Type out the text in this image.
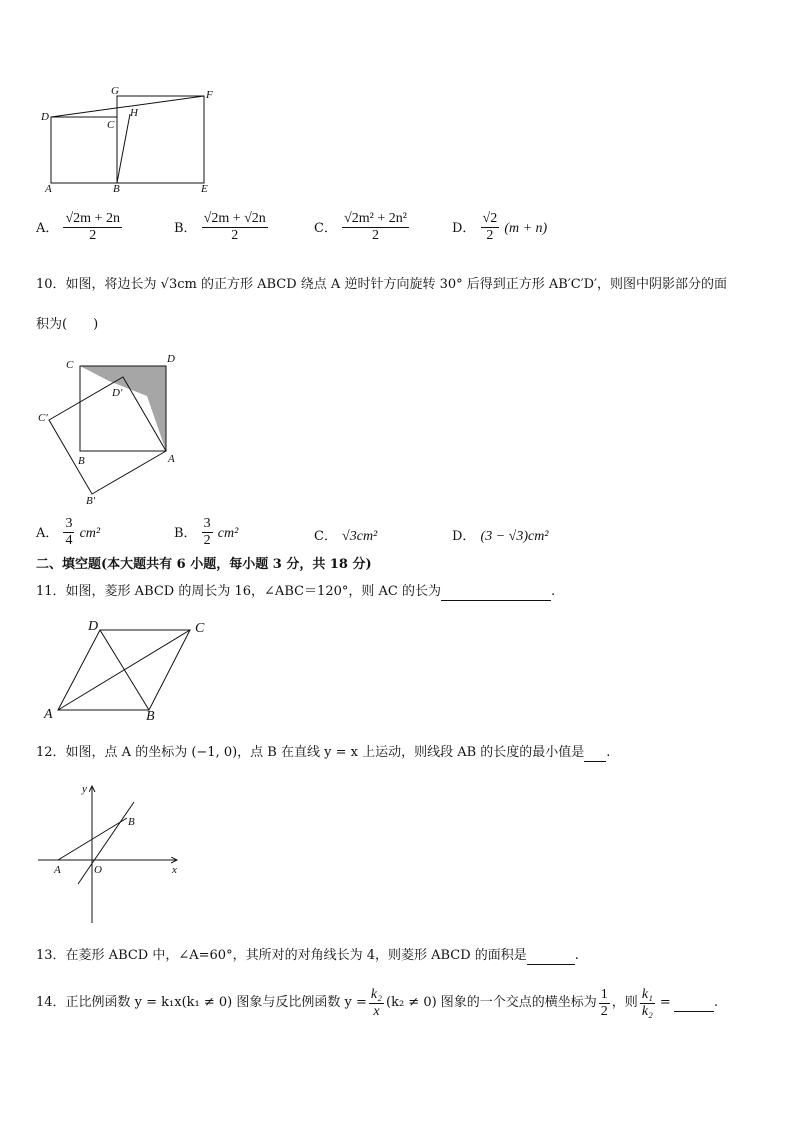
G	F
D
C
H
A	B	E
A． $\frac{√2m + 2n}{2}$	B． $\frac{√2m + √2n}{2}$	C． $\frac{\text{√2m² + 2n²}}{2}$	D． $\frac{√2}{2} (m + n)$
10．如图，将边长为 √3cm 的正方形 ABCD 绕点 A 逆时针方向旋转 30° 后得到正方形 AB′C′D′，则图中阴影部分的面
积为(　　)
C	D
D′
C′
B	A
B′
A． $\frac{3}{4} cm^2$	B． $\frac{3}{2} cm^2$	C． √3cm²	D． (3 − √3)cm²
二、填空题(本大题共有 6 小题，每小题 3 分，共 18 分)
11．如图，菱形 ABCD 的周长为 16，∠ABC＝120°，则 AC 的长为	.
D	C
A	B
12．如图，点 A 的坐标为 (−1, 0)，点 B 在直线 y = x 上运动，则线段 AB 的长度的最小值是 .
y
x
B
A	O
13．在菱形 ABCD 中，∠A=60°，其所对的对角线长为 4，则菱形 ABCD 的面积是	.
14．正比例函数 y = k₁x(k₁ ≠ 0) 图象与反比例函数 $y = \frac{\text{k₂}}{x} (k_2 \ne 0)$ 图象的一个交点的横坐标为 $\frac{1}{2}$ ，则 $\frac{\text{k₁}}{\text{k₂}}$ =
	.
